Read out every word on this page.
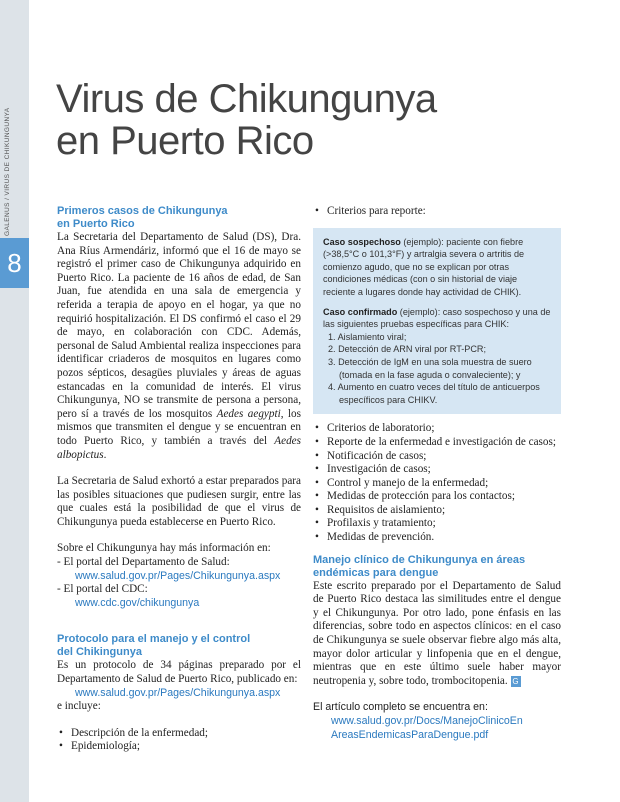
GALENUS / VIRUS DE CHIKUNGUNYA
8
Virus de Chikungunya
en Puerto Rico
Primeros casos de Chikungunya
en Puerto Rico

La Secretaria del Departamento de Salud (DS), Dra. Ana Ríus Armendáriz, informó que el 16 de mayo se registró el primer caso de Chikungunya adquirido en Puerto Rico. La paciente de 16 años de edad, de San Juan, fue atendida en una sala de emergencia y referida a terapia de apoyo en el hogar, ya que no requirió hospitalización. El DS confirmó el caso el 29 de mayo, en colaboración con CDC. Además, personal de Salud Ambiental realiza inspecciones para identificar criaderos de mosquitos en lugares como pozos sépticos, desagües pluviales y áreas de aguas estancadas en la comunidad de interés. El virus Chikungunya, NO se transmite de persona a persona, pero sí a través de los mosquitos Aedes aegypti, los mismos que transmiten el dengue y se encuentran en todo Puerto Rico, y también a través del Aedes albopictus.

La Secretaria de Salud exhortó a estar preparados para las posibles situaciones que pudiesen surgir, entre las que cuales está la posibilidad de que el virus de Chikungunya pueda establecerse en Puerto Rico.

Sobre el Chikungunya hay más información en:
- El portal del Departamento de Salud:
www.salud.gov.pr/Pages/Chikungunya.aspx
- El portal del CDC:
www.cdc.gov/chikungunya
Protocolo para el manejo y el control
del Chikingunya

Es un protocolo de 34 páginas preparado por el Departamento de Salud de Puerto Rico, publicado en:

www.salud.gov.pr/Pages/Chikungunya.aspx
e incluye:
• Descripción de la enfermedad;
• Epidemiología;
• Criterios para reporte:
Caso sospechoso (ejemplo): paciente con fiebre (>38,5°C o 101,3°F) y artralgia severa o artritis de comienzo agudo, que no se explican por otras condiciones médicas (con o sin historial de viaje reciente a lugares donde hay actividad de CHIK).
Caso confirmado (ejemplo): caso sospechoso y una de las siguientes pruebas específicas para CHIK:
1. Aislamiento viral;
2. Detección de ARN viral por RT-PCR;
3. Detección de IgM en una sola muestra de suero (tomada en la fase aguda o convaleciente); y
4. Aumento en cuatro veces del título de anticuerpos específicos para CHIKV.
• Criterios de laboratorio;
• Reporte de la enfermedad e investigación de casos;
• Notificación de casos;
• Investigación de casos;
• Control y manejo de la enfermedad;
• Medidas de protección para los contactos;
• Requisitos de aislamiento;
• Profilaxis y tratamiento;
• Medidas de prevención.
Manejo clínico de Chikungunya en áreas
endémicas para dengue

Este escrito preparado por el Departamento de Salud de Puerto Rico destaca las similitudes entre el dengue y el Chikungunya. Por otro lado, pone énfasis en las diferencias, sobre todo en aspectos clínicos: en el caso de Chikungunya se suele observar fiebre algo más alta, mayor dolor articular y linfopenia que en el dengue, mientras que en este último suele haber mayor neutropenia y, sobre todo, trombocitopenia. G

El artículo completo se encuentra en:
www.salud.gov.pr/Docs/ManejoClinicoEn
AreasEndemicasParaDengue.pdf
